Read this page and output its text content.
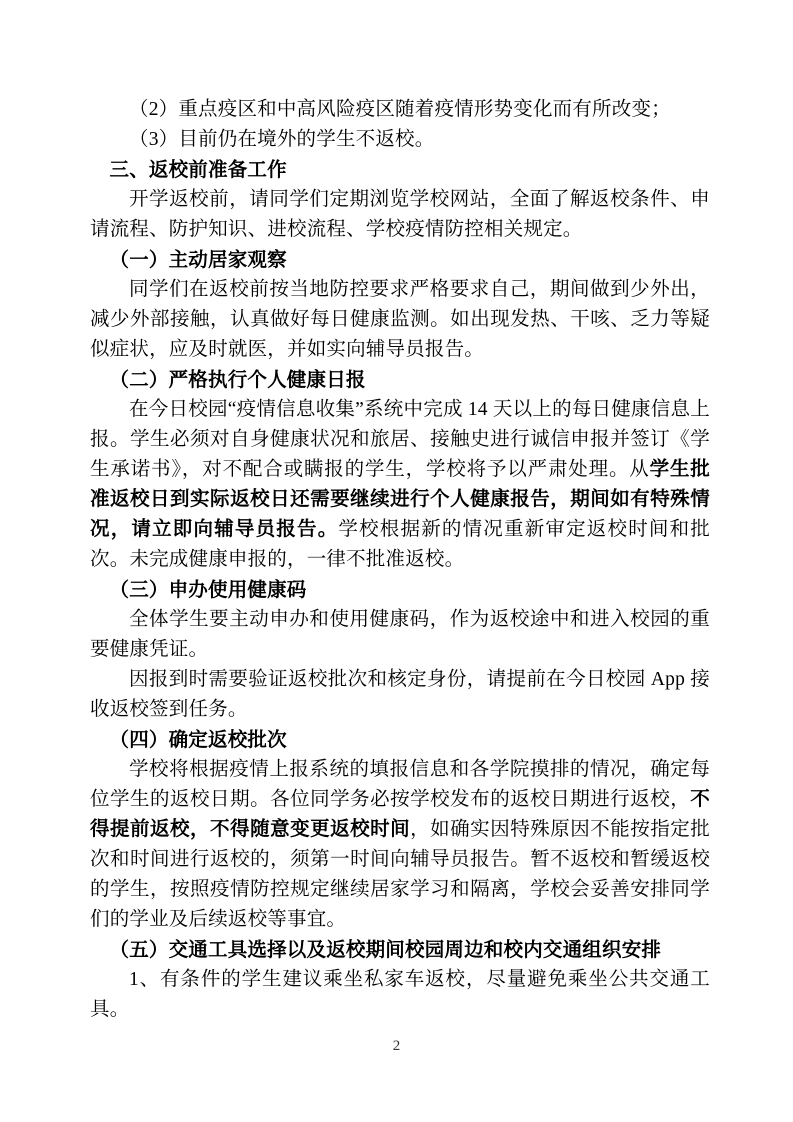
（2）重点疫区和中高风险疫区随着疫情形势变化而有所改变；

（3）目前仍在境外的学生不返校。

三、返校前准备工作

开学返校前，请同学们定期浏览学校网站，全面了解返校条件、申请流程、防护知识、进校流程、学校疫情防控相关规定。

（一）主动居家观察

同学们在返校前按当地防控要求严格要求自己，期间做到少外出，减少外部接触，认真做好每日健康监测。如出现发热、干咳、乏力等疑似症状，应及时就医，并如实向辅导员报告。

（二）严格执行个人健康日报

在今日校园“疫情信息收集”系统中完成 14 天以上的每日健康信息上报。学生必须对自身健康状况和旅居、接触史进行诚信申报并签订《学生承诺书》，对不配合或瞒报的学生，学校将予以严肃处理。从学生批准返校日到实际返校日还需要继续进行个人健康报告，期间如有特殊情况，请立即向辅导员报告。学校根据新的情况重新审定返校时间和批次。未完成健康申报的，一律不批准返校。

（三）申办使用健康码

全体学生要主动申办和使用健康码，作为返校途中和进入校园的重要健康凭证。

因报到时需要验证返校批次和核定身份，请提前在今日校园 App 接收返校签到任务。

（四）确定返校批次

学校将根据疫情上报系统的填报信息和各学院摸排的情况，确定每位学生的返校日期。各位同学务必按学校发布的返校日期进行返校，不得提前返校，不得随意变更返校时间，如确实因特殊原因不能按指定批次和时间进行返校的，须第一时间向辅导员报告。暂不返校和暂缓返校的学生，按照疫情防控规定继续居家学习和隔离，学校会妥善安排同学们的学业及后续返校等事宜。

（五）交通工具选择以及返校期间校园周边和校内交通组织安排

1、有条件的学生建议乘坐私家车返校，尽量避免乘坐公共交通工具。

2
